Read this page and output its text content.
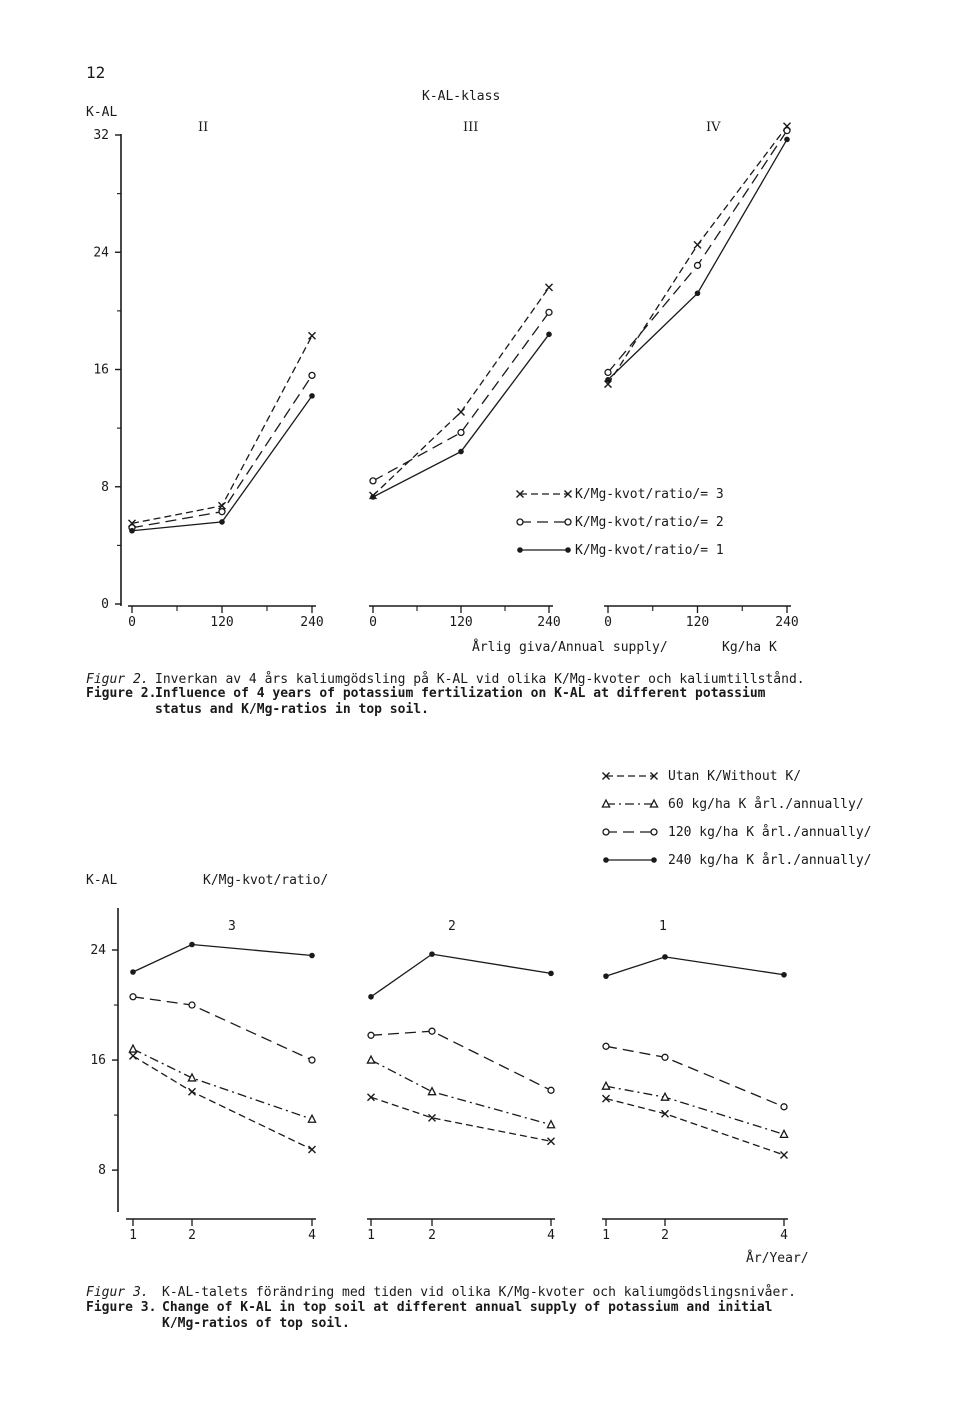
12
K-AL
K-AL-klass
II	III	IV
Årlig giva/Annual supply/	Kg/ha K
0
8
16
24
32
0	120	240	0	120	240	0	120	240
K/Mg-kvot/ratio/= 3
K/Mg-kvot/ratio/= 2
K/Mg-kvot/ratio/= 1
Figur 2. Inverkan av 4 års kaliumgödsling på K-AL vid olika K/Mg-kvoter och kaliumtillstånd.
Figure 2.
Influence of 4 years of potassium fertilization on K-AL at different potassium
status and K/Mg-ratios in top soil.
Utan K/Without K/
60 kg/ha K årl./annually/
120 kg/ha K årl./annually/
240 kg/ha K årl./annually/
K-AL	K/Mg-kvot/ratio/
3	2	1
År/Year/
8
16
24
1	2	4	1	2	4	1	2	4
Figur 3. K-AL-talets förändring med tiden vid olika K/Mg-kvoter och kaliumgödslingsnivåer.
Figure 3. Change of K-AL in top soil at different annual supply of potassium and initial
K/Mg-ratios of top soil.
